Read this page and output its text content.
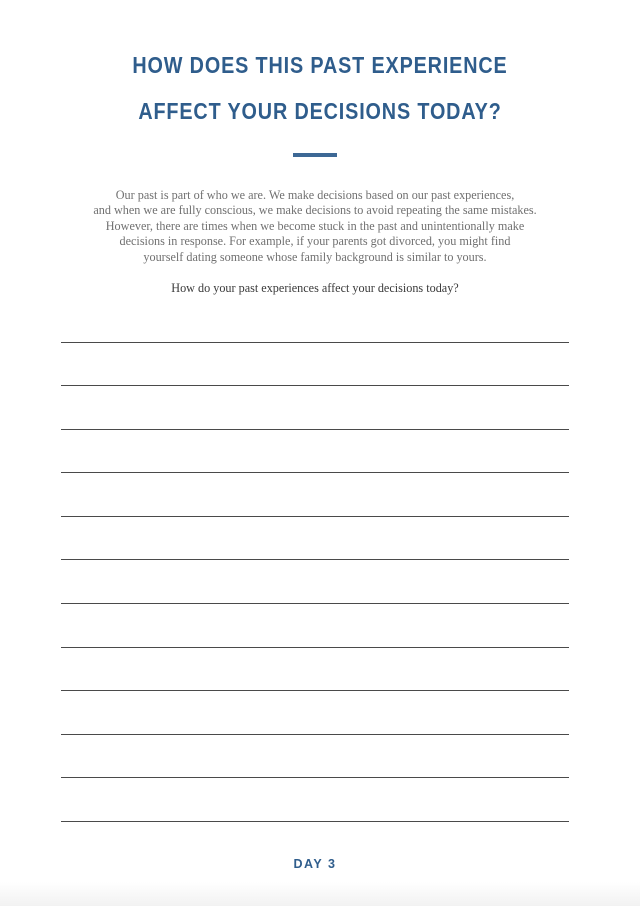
HOW DOES THIS PAST EXPERIENCE
AFFECT YOUR DECISIONS TODAY?
Our past is part of who we are. We make decisions based on our past experiences,
and when we are fully conscious, we make decisions to avoid repeating the same mistakes.
However, there are times when we become stuck in the past and unintentionally make
decisions in response. For example, if your parents got divorced, you might find
yourself dating someone whose family background is similar to yours.
How do your past experiences affect your decisions today?
DAY 3
